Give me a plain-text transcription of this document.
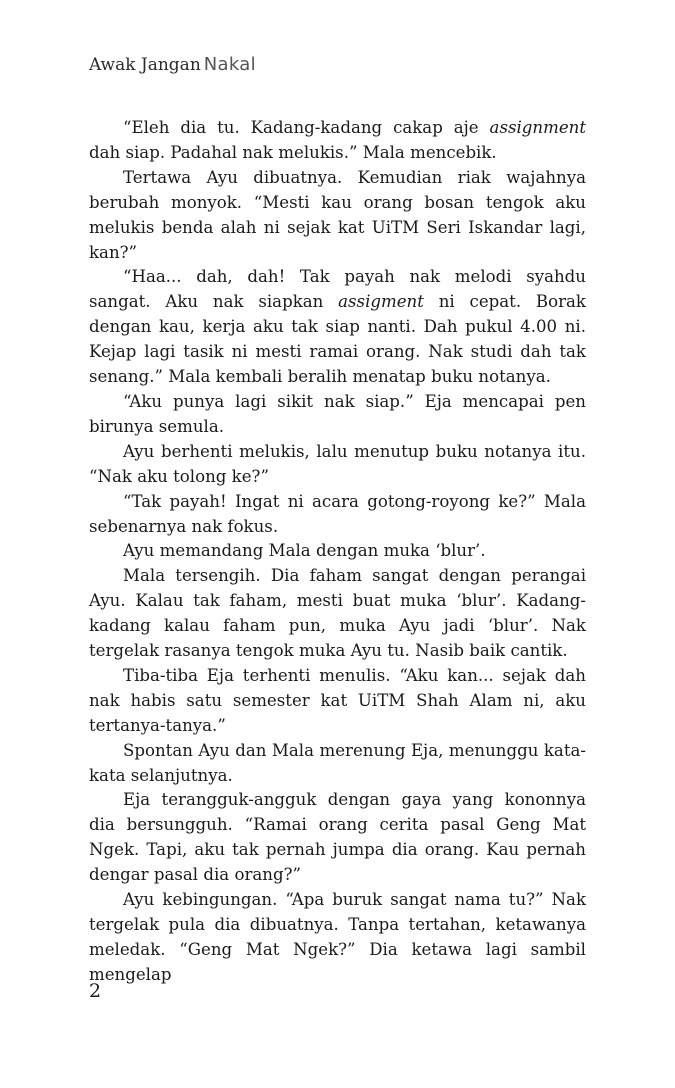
Awak Jangan Nakal

“Eleh dia tu. Kadang-kadang cakap aje assignment dah siap. Padahal nak melukis.” Mala mencebik.

Tertawa Ayu dibuatnya. Kemudian riak wajahnya berubah monyok. “Mesti kau orang bosan tengok aku melukis benda alah ni sejak kat UiTM Seri Iskandar lagi, kan?”

“Haa... dah, dah! Tak payah nak melodi syahdu sangat. Aku nak siapkan assigment ni cepat. Borak dengan kau, kerja aku tak siap nanti. Dah pukul 4.00 ni. Kejap lagi tasik ni mesti ramai orang. Nak studi dah tak senang.” Mala kembali beralih menatap buku notanya.

“Aku punya lagi sikit nak siap.” Eja mencapai pen birunya semula.

Ayu berhenti melukis, lalu menutup buku notanya itu. “Nak aku tolong ke?”

“Tak payah! Ingat ni acara gotong-royong ke?” Mala sebenarnya nak fokus.

Ayu memandang Mala dengan muka ‘blur’.

Mala tersengih. Dia faham sangat dengan perangai Ayu. Kalau tak faham, mesti buat muka ‘blur’. Kadang-kadang kalau faham pun, muka Ayu jadi ‘blur’. Nak tergelak rasanya tengok muka Ayu tu. Nasib baik cantik.

Tiba-tiba Eja terhenti menulis. “Aku kan... sejak dah nak habis satu semester kat UiTM Shah Alam ni, aku tertanya-tanya.”

Spontan Ayu dan Mala merenung Eja, menunggu kata-kata selanjutnya.

Eja terangguk-angguk dengan gaya yang kononnya dia bersungguh. “Ramai orang cerita pasal Geng Mat Ngek. Tapi, aku tak pernah jumpa dia orang. Kau pernah dengar pasal dia orang?”

Ayu kebingungan. “Apa buruk sangat nama tu?” Nak tergelak pula dia dibuatnya. Tanpa tertahan, ketawanya meledak. “Geng Mat Ngek?” Dia ketawa lagi sambil mengelap

2
